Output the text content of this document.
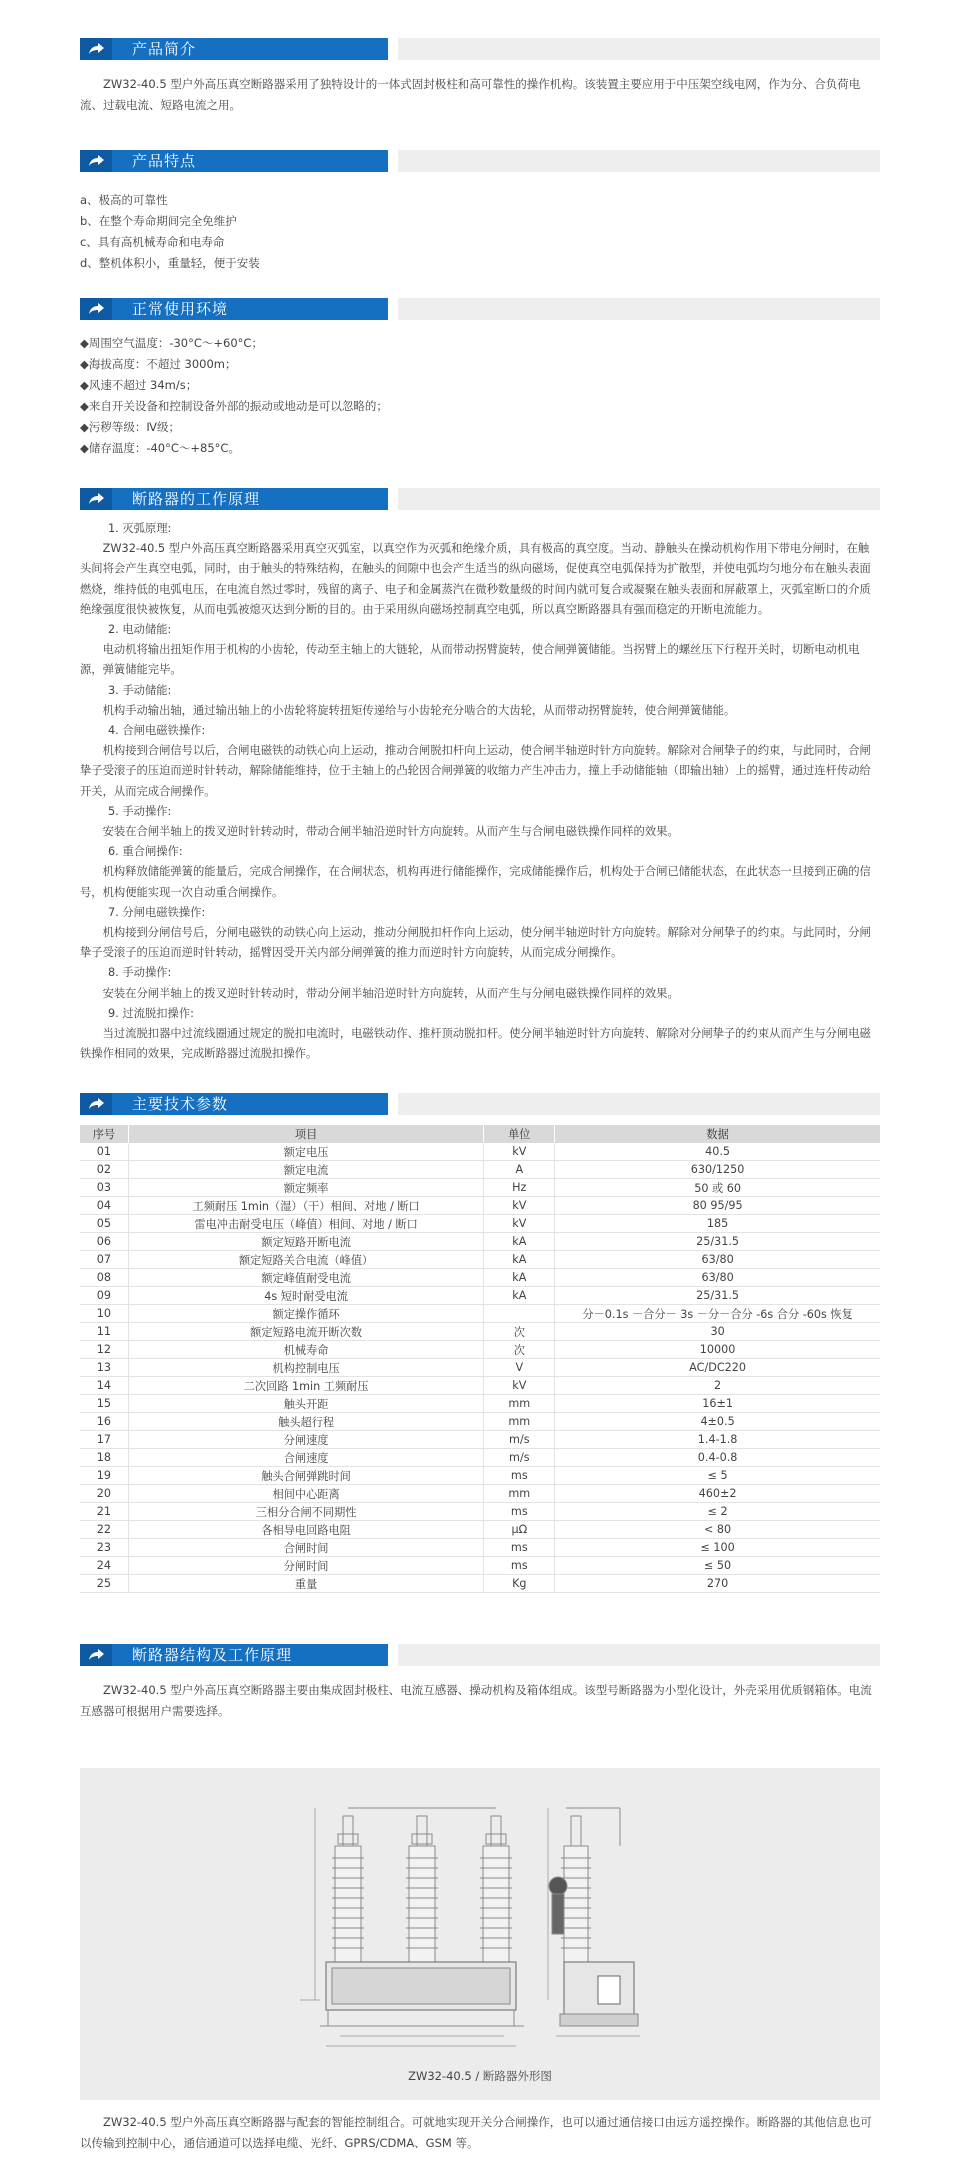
产品简介

ZW32-40.5 型户外高压真空断路器采用了独特设计的一体式固封极柱和高可靠性的操作机构。该装置主要应用于中压架空线电网，作为分、合负荷电流、过载电流、短路电流之用。

产品特点
a、极高的可靠性
b、在整个寿命期间完全免维护
c、具有高机械寿命和电寿命
d、整机体积小，重量轻，便于安装
正常使用环境
◆周围空气温度：-30°C～+60°C；
◆海拔高度：不超过 3000m；
◆风速不超过 34m/s；
◆来自开关设备和控制设备外部的振动或地动是可以忽略的；
◆污秽等级：Ⅳ级；
◆储存温度：-40°C～+85°C。
断路器的工作原理
1. 灭弧原理:
ZW32-40.5 型户外高压真空断路器采用真空灭弧室，以真空作为灭弧和绝缘介质，具有极高的真空度。当动、静触头在操动机构作用下带电分闸时，在触头间将会产生真空电弧，同时，由于触头的特殊结构，在触头的间隙中也会产生适当的纵向磁场，促使真空电弧保持为扩散型，并使电弧均匀地分布在触头表面燃烧，维持低的电弧电压，在电流自然过零时，残留的离子、电子和金属蒸汽在微秒数量级的时间内就可复合或凝聚在触头表面和屏蔽罩上，灭弧室断口的介质绝缘强度很快被恢复，从而电弧被熄灭达到分断的目的。由于采用纵向磁场控制真空电弧，所以真空断路器具有强而稳定的开断电流能力。
2. 电动储能:
电动机将输出扭矩作用于机构的小齿轮，传动至主轴上的大链轮，从而带动拐臂旋转，使合闸弹簧储能。当拐臂上的螺丝压下行程开关时，切断电动机电源，弹簧储能完毕。
3. 手动储能:
机构手动输出轴，通过输出轴上的小齿轮将旋转扭矩传递给与小齿轮充分啮合的大齿轮，从而带动拐臂旋转，使合闸弹簧储能。
4. 合闸电磁铁操作:
机构接到合闸信号以后，合闸电磁铁的动铁心向上运动，推动合闸脱扣杆向上运动，使合闸半轴逆时针方向旋转。解除对合闸挚子的约束，与此同时，合闸挚子受滚子的压迫而逆时针转动，解除储能维持，位于主轴上的凸轮因合闸弹簧的收缩力产生冲击力，撞上手动储能轴（即输出轴）上的摇臂，通过连杆传动给开关，从而完成合闸操作。
5. 手动操作:
安装在合闸半轴上的拨叉逆时针转动时，带动合闸半轴沿逆时针方向旋转。从而产生与合闸电磁铁操作同样的效果。
6. 重合闸操作:
机构释放储能弹簧的能量后，完成合闸操作，在合闸状态，机构再进行储能操作，完成储能操作后，机构处于合闸已储能状态，在此状态一旦接到正确的信号，机构便能实现一次自动重合闸操作。
7. 分闸电磁铁操作:
机构接到分闸信号后，分闸电磁铁的动铁心向上运动，推动分闸脱扣杆作向上运动，使分闸半轴逆时针方向旋转。解除对分闸挚子的约束。与此同时，分闸挚子受滚子的压迫而逆时针转动，摇臂因受开关内部分闸弹簧的推力而逆时针方向旋转，从而完成分闸操作。
8. 手动操作:
安装在分闸半轴上的拨叉逆时针转动时，带动分闸半轴沿逆时针方向旋转，从而产生与分闸电磁铁操作同样的效果。
9. 过流脱扣操作:
当过流脱扣器中过流线圈通过规定的脱扣电流时，电磁铁动作、推杆顶动脱扣杆。使分闸半轴逆时针方向旋转、解除对分闸挚子的约束从而产生与分闸电磁铁操作相同的效果，完成断路器过流脱扣操作。
主要技术参数
序号	项目	单位	数据
01	额定电压	kV	40.5
02	额定电流	A	630/1250
03	额定频率	Hz	50 或 60
04	工频耐压 1min（湿）（干）相间、对地 / 断口	kV	80 95/95
05	雷电冲击耐受电压（峰值）相间、对地 / 断口	kV	185
06	额定短路开断电流	kA	25/31.5
07	额定短路关合电流（峰值）	kA	63/80
08	额定峰值耐受电流	kA	63/80
09	4s 短时耐受电流	kA	25/31.5
10	额定操作循环		分－0.1s －合分－ 3s －分－合分 -6s 合分 -60s 恢复
11	额定短路电流开断次数	次	30
12	机械寿命	次	10000
13	机构控制电压	V	AC/DC220
14	二次回路 1min 工频耐压	kV	2
15	触头开距	mm	16±1
16	触头超行程	mm	4±0.5
17	分闸速度	m/s	1.4-1.8
18	合闸速度	m/s	0.4-0.8
19	触头合闸弹跳时间	ms	≤ 5
20	相间中心距离	mm	460±2
21	三相分合闸不同期性	ms	≤ 2
22	各相导电回路电阻	μΩ	< 80
23	合闸时间	ms	≤ 100
24	分闸时间	ms	≤ 50
25	重量	Kg	270
断路器结构及工作原理

ZW32-40.5 型户外高压真空断路器主要由集成固封极柱、电流互感器、操动机构及箱体组成。该型号断路器为小型化设计，外壳采用优质钢箱体。电流互感器可根据用户需要选择。

ZW32-40.5 / 断路器外形图

ZW32-40.5 型户外高压真空断路器与配套的智能控制组合。可就地实现开关分合闸操作，也可以通过通信接口由远方遥控操作。断路器的其他信息也可以传输到控制中心，通信通道可以选择电缆、光纤、GPRS/CDMA、GSM 等。
